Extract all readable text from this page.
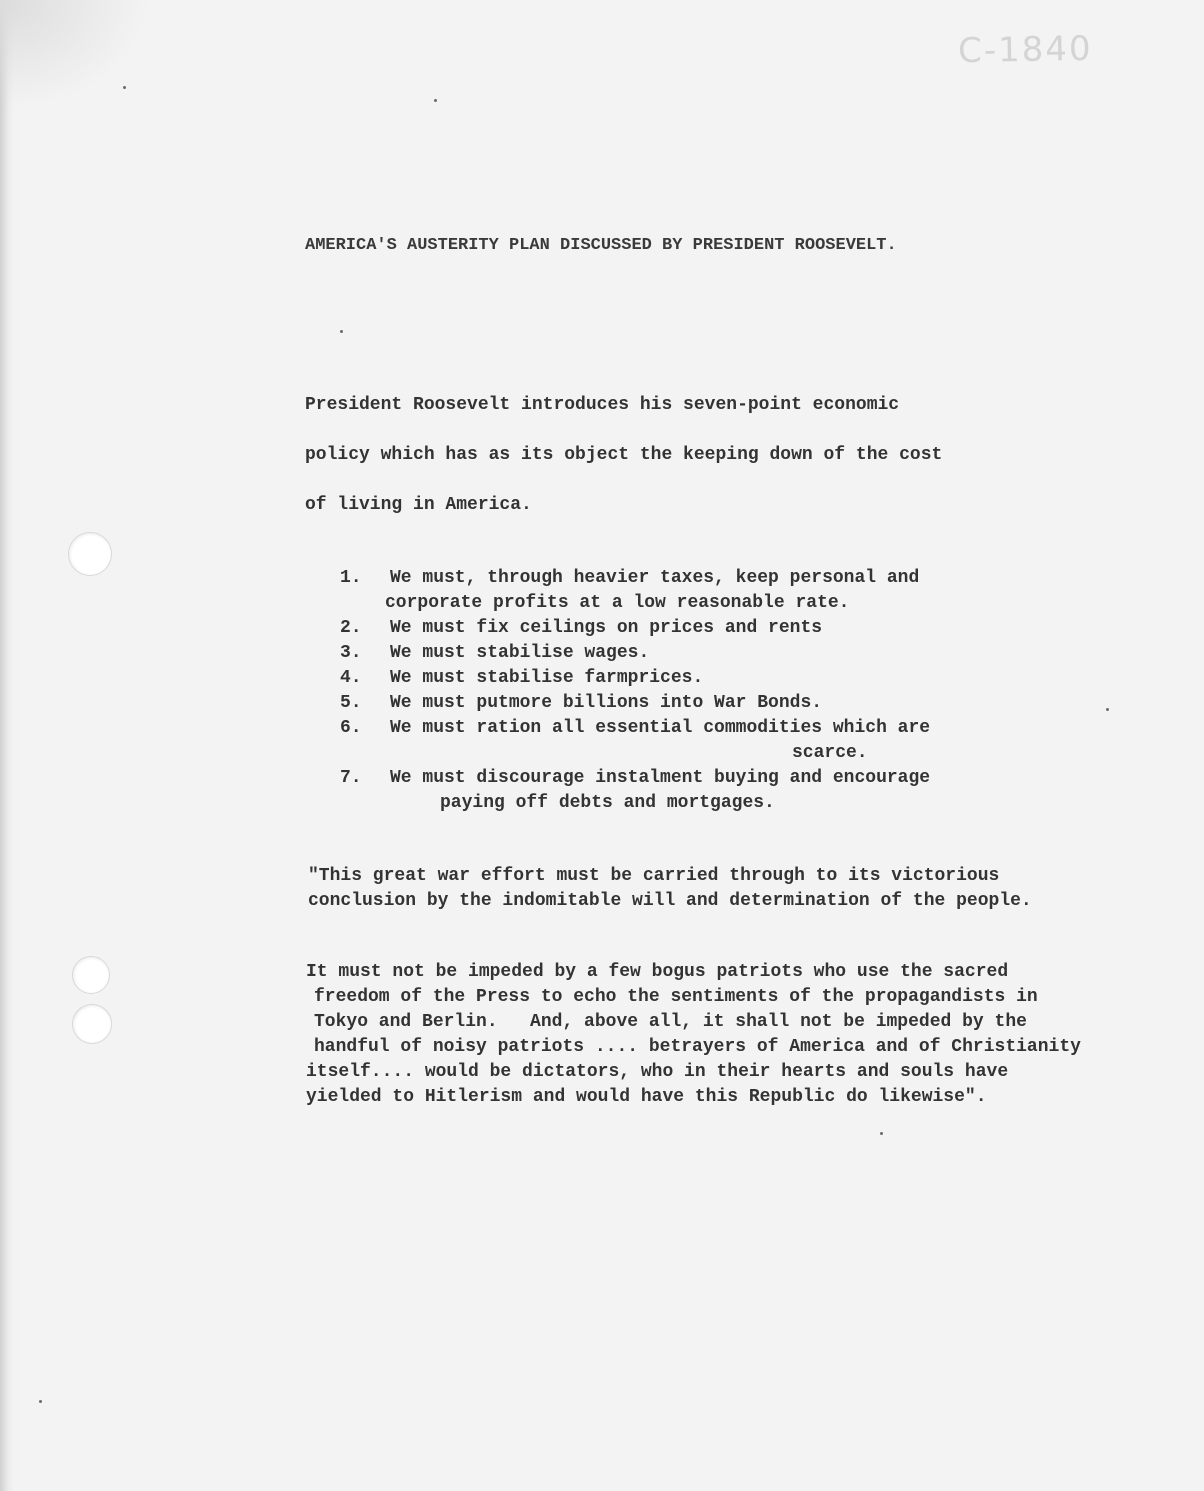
C-1840
AMERICA'S AUSTERITY PLAN DISCUSSED BY PRESIDENT ROOSEVELT.
President Roosevelt introduces his seven-point economic
policy which has as its object the keeping down of the cost
of living in America.
1.	We must, through heavier taxes, keep personal and
corporate profits at a low reasonable rate.
2.	We must fix ceilings on prices and rents
3.	We must stabilise wages.
4.	We must stabilise farmprices.
5.	We must putmore billions into War Bonds.
6.	We must ration all essential commodities which are
scarce.
7.	We must discourage instalment buying and encourage
paying off debts and mortgages.
"This great war effort must be carried through to its victorious
conclusion by the indomitable will and determination of the people.
It must not be impeded by a few bogus patriots who use the sacred
freedom of the Press to echo the sentiments of the propagandists in
Tokyo and Berlin.   And, above all, it shall not be impeded by the
handful of noisy patriots .... betrayers of America and of Christianity
itself.... would be dictators, who in their hearts and souls have
yielded to Hitlerism and would have this Republic do likewise".
